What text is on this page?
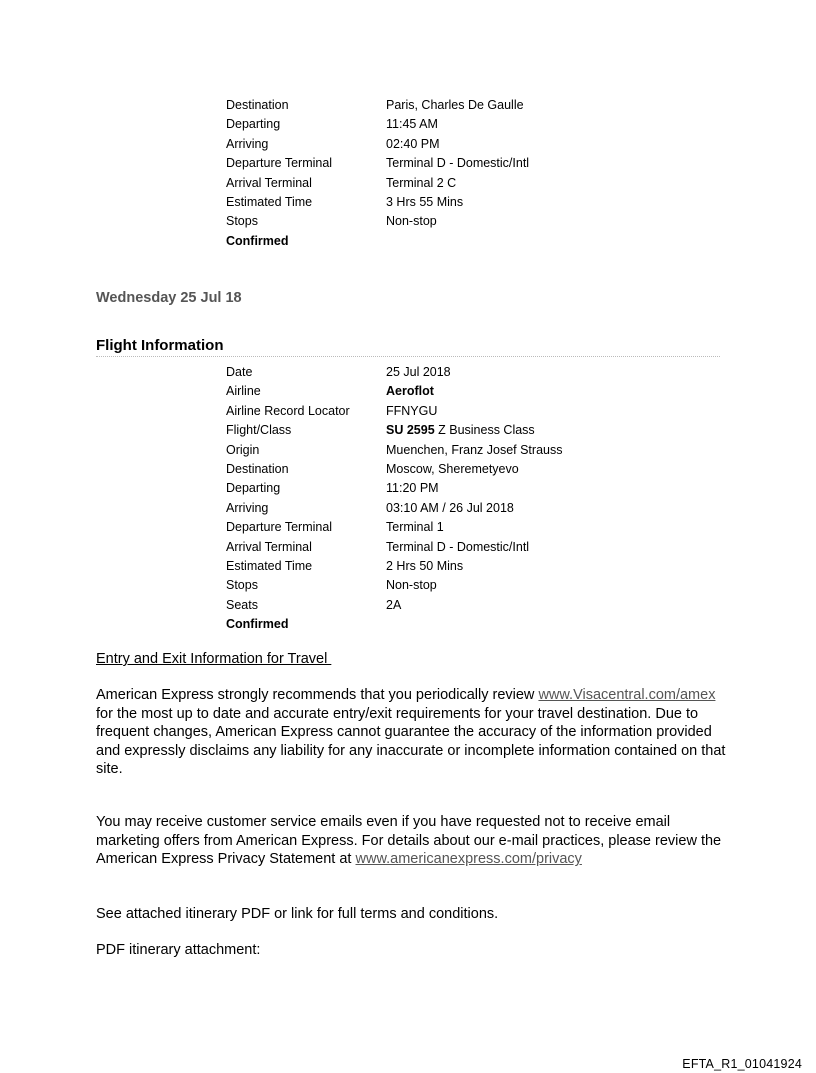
Destination	Paris, Charles De Gaulle
Departing	11:45 AM
Arriving	02:40 PM
Departure Terminal	Terminal D - Domestic/Intl
Arrival Terminal	Terminal 2 C
Estimated Time	3 Hrs 55 Mins
Stops	Non-stop
Confirmed
Wednesday 25 Jul 18
Flight Information
Date	25 Jul 2018
Airline	Aeroflot
Airline Record Locator	FFNYGU
Flight/Class	SU 2595 Z Business Class
Origin	Muenchen, Franz Josef Strauss
Destination	Moscow, Sheremetyevo
Departing	11:20 PM
Arriving	03:10 AM / 26 Jul 2018
Departure Terminal	Terminal 1
Arrival Terminal	Terminal D - Domestic/Intl
Estimated Time	2 Hrs 50 Mins
Stops	Non-stop
Seats	2A
Confirmed
Entry and Exit Information for Travel
American Express strongly recommends that you periodically review www.Visacentral.com/amex for the most up to date and accurate entry/exit requirements for your travel destination. Due to frequent changes, American Express cannot guarantee the accuracy of the information provided and expressly disclaims any liability for any inaccurate or incomplete information contained on that site.
You may receive customer service emails even if you have requested not to receive email marketing offers from American Express. For details about our e-mail practices, please review the American Express Privacy Statement at www.americanexpress.com/privacy
See attached itinerary PDF or link for full terms and conditions.
PDF itinerary attachment:
EFTA_R1_01041924
